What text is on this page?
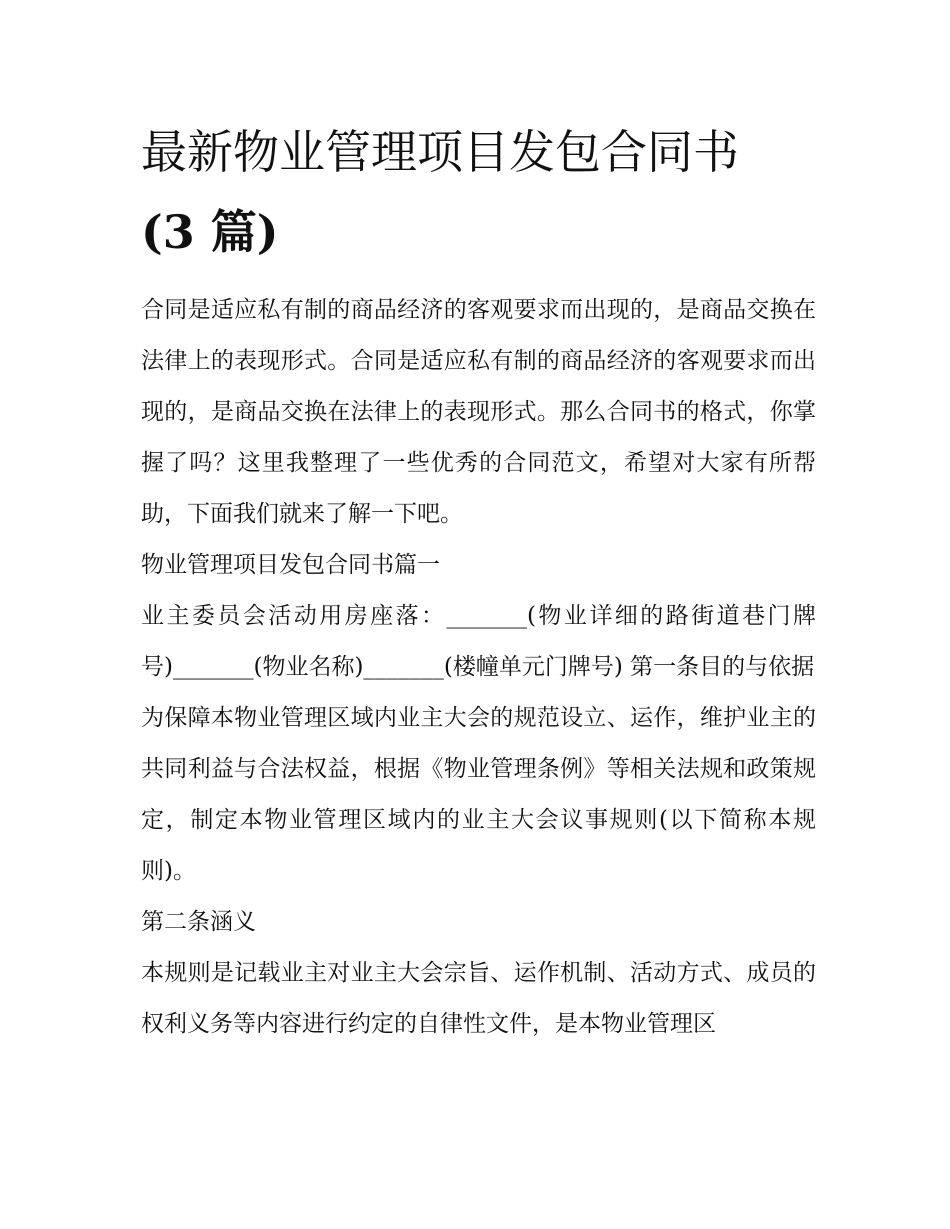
最新物业管理项目发包合同书
(3 篇)

合同是适应私有制的商品经济的客观要求而出现的，是商品交换在法律上的表现形式。合同是适应私有制的商品经济的客观要求而出现的，是商品交换在法律上的表现形式。那么合同书的格式，你掌握了吗？这里我整理了一些优秀的合同范文，希望对大家有所帮助，下面我们就来了解一下吧。

物业管理项目发包合同书篇一

业主委员会活动用房座落：_______(物业详细的路街道巷门牌号)_______(物业名称)_______(楼幢单元门牌号) 第一条目的与依据

为保障本物业管理区域内业主大会的规范设立、运作，维护业主的共同利益与合法权益，根据《物业管理条例》等相关法规和政策规定，制定本物业管理区域内的业主大会议事规则(以下简称本规则)。

第二条涵义

本规则是记载业主对业主大会宗旨、运作机制、活动方式、成员的权利义务等内容进行约定的自律性文件，是本物业管理区
